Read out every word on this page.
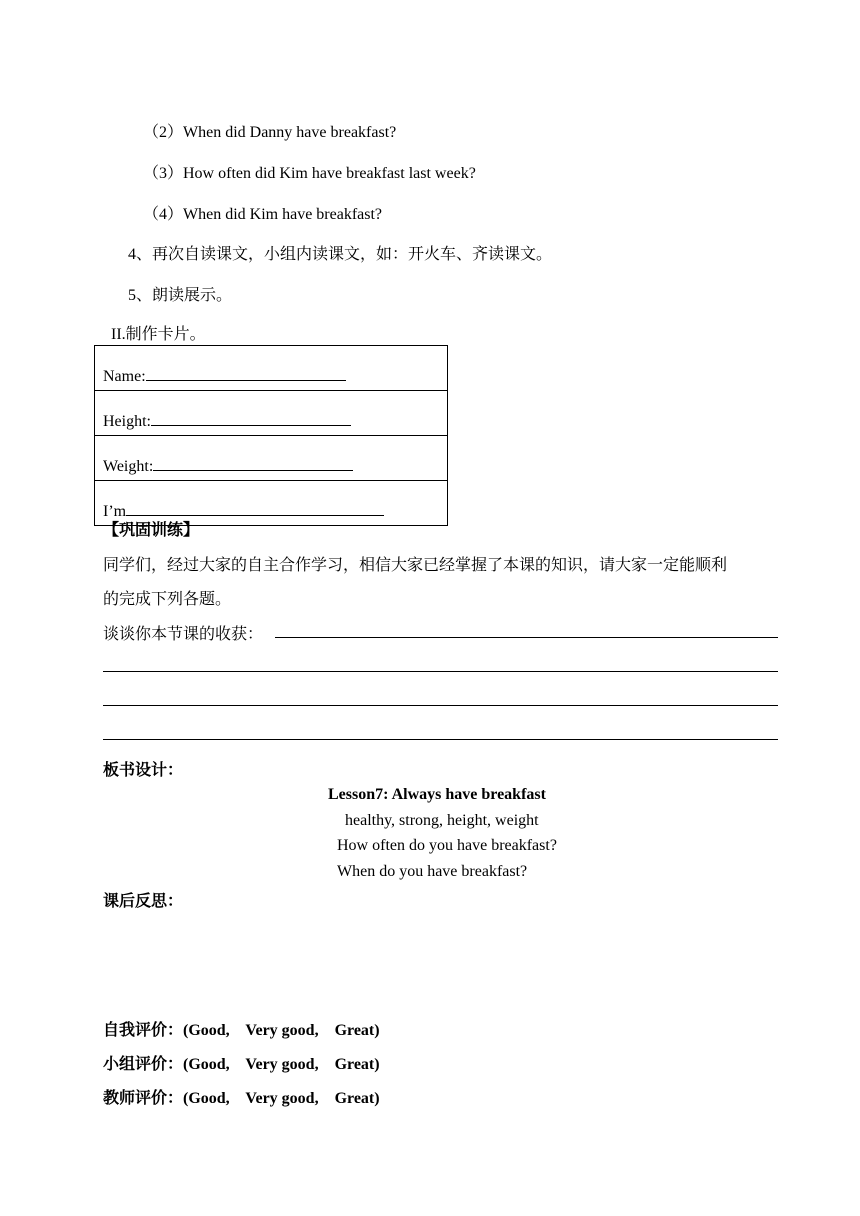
（2）When did Danny have breakfast?
（3）How often did Kim have breakfast last week?
（4）When did Kim have breakfast?
4、再次自读课文，小组内读课文，如：开火车、齐读课文。
5、朗读展示。
II.制作卡片。
Name:
Height:
Weight:
I’m
【巩固训练】
同学们，经过大家的自主合作学习，相信大家已经掌握了本课的知识，请大家一定能顺利
的完成下列各题。
谈谈你本节课的收获：
板书设计：
Lesson7: Always have breakfast
healthy, strong, height, weight
How often do you have breakfast?
When do you have breakfast?
课后反思：
自我评价：(Good,    Very good,    Great)
小组评价：(Good,    Very good,    Great)
教师评价：(Good,    Very good,    Great)
